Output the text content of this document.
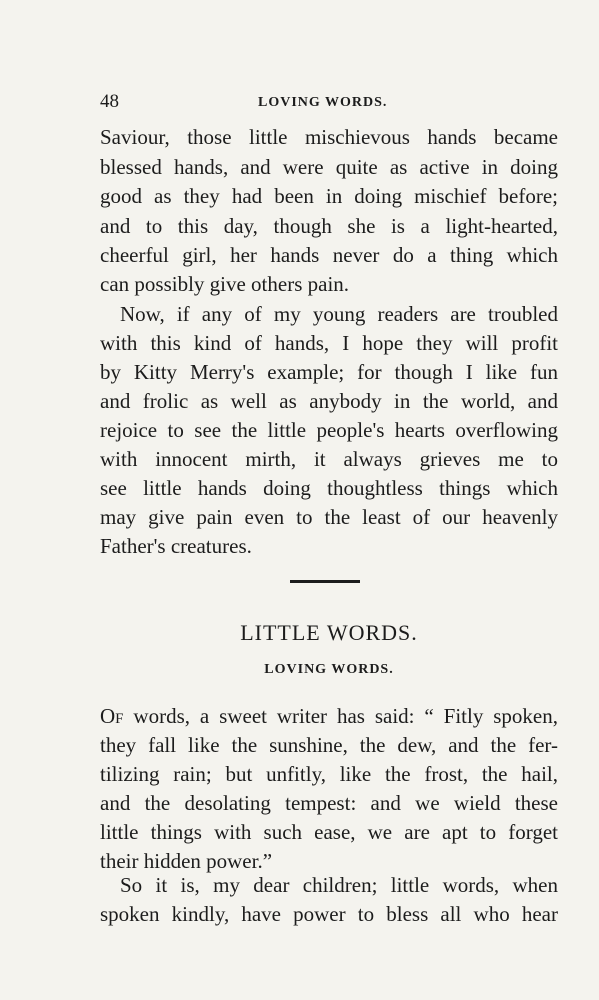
48	LOVING WORDS.
Saviour, those little mischievous hands became
blessed hands, and were quite as active in doing
good as they had been in doing mischief before;
and to this day, though she is a light-hearted,
cheerful girl, her hands never do a thing which
can possibly give others pain.
Now, if any of my young readers are troubled
with this kind of hands, I hope they will profit
by Kitty Merry's example; for though I like fun
and frolic as well as anybody in the world, and
rejoice to see the little people's hearts overflowing
with innocent mirth, it always grieves me to
see little hands doing thoughtless things which
may give pain even to the least of our heavenly
Father's creatures.
LITTLE WORDS.
LOVING WORDS.
OF words, a sweet writer has said: “ Fitly spoken,
they fall like the sunshine, the dew, and the fer-
tilizing rain; but unfitly, like the frost, the hail,
and the desolating tempest: and we wield these
little things with such ease, we are apt to forget
their hidden power.”
So it is, my dear children; little words, when
spoken kindly, have power to bless all who hear
